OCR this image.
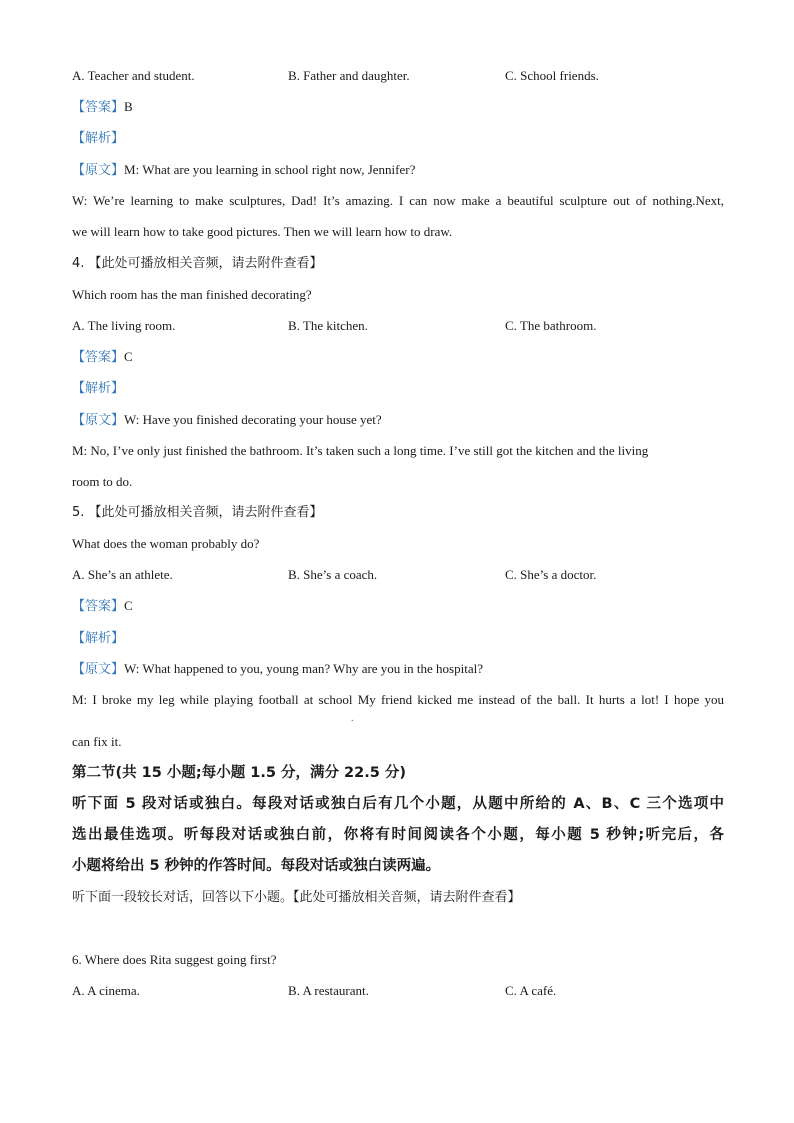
A. Teacher and student.	B. Father and daughter.	C. School friends.
【答案】B
【解析】
【原文】M: What are you learning in school right now, Jennifer?
W: We’re learning to make sculptures, Dad! It’s amazing. I can now make a beautiful sculpture out of nothing.Next,
we will learn how to take good pictures. Then we will learn how to draw.
4. 【此处可播放相关音频，请去附件查看】
Which room has the man finished decorating?
A. The living room.	B. The kitchen.	C. The bathroom.
【答案】C
【解析】
【原文】W: Have you finished decorating your house yet?
M: No, I’ve only just finished the bathroom. It’s taken such a long time. I’ve still got the kitchen and the living
room to do.
5. 【此处可播放相关音频，请去附件查看】
What does the woman probably do?
A. She’s an athlete.	B. She’s a coach.	C. She’s a doctor.
【答案】C
【解析】
【原文】W: What happened to you, young man? Why are you in the hospital?
M: I broke my leg while playing football at school My friend kicked me instead of the ball. It hurts a lot! I hope you
.
can fix it.
第二节(共 15 小题;每小题 1.5 分，满分 22.5 分)
听下面 5 段对话或独白。每段对话或独白后有几个小题，从题中所给的 A、B、C 三个选项中
选出最佳选项。听每段对话或独白前，你将有时间阅读各个小题，每小题 5 秒钟;听完后，各
小题将给出 5 秒钟的作答时间。每段对话或独白读两遍。
听下面一段较长对话，回答以下小题。【此处可播放相关音频，请去附件查看】
6. Where does Rita suggest going first?
A. A cinema.	B. A restaurant.	C. A café.
